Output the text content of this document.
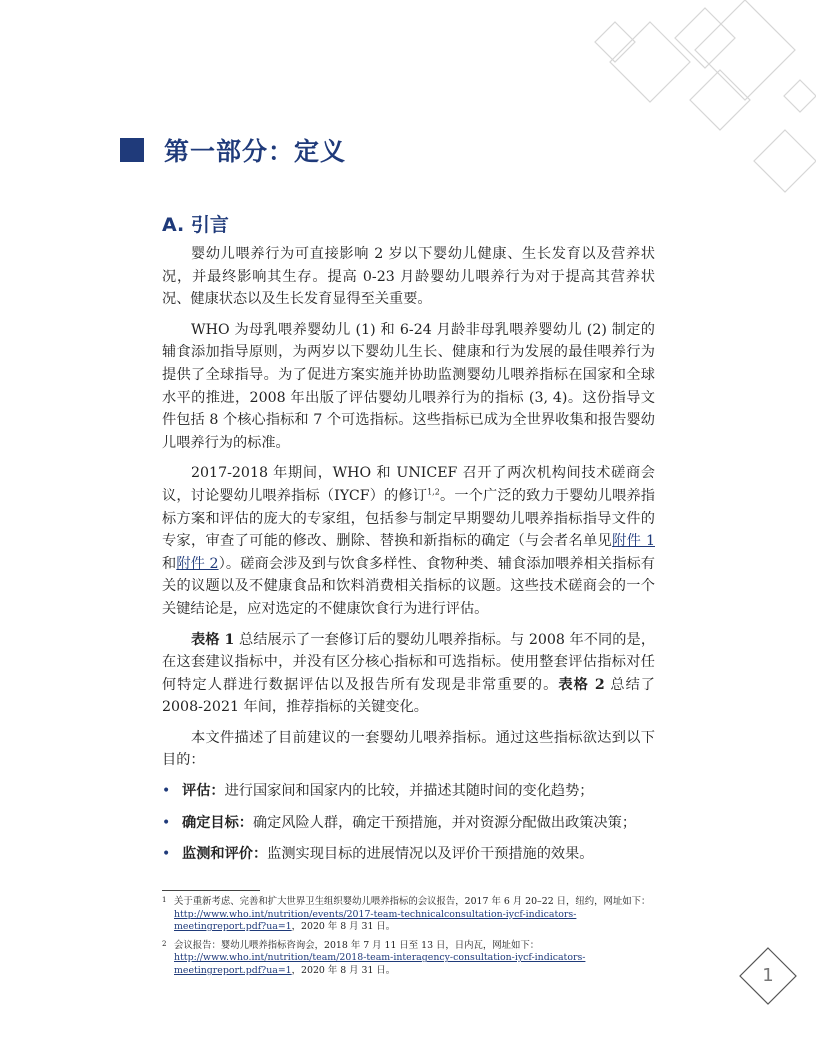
第一部分：定义
A. 引言

婴幼儿喂养行为可直接影响 2 岁以下婴幼儿健康、生长发育以及营养状况，并最终影响其生存。提高 0-23 月龄婴幼儿喂养行为对于提高其营养状况、健康状态以及生长发育显得至关重要。

WHO 为母乳喂养婴幼儿 (1) 和 6-24 月龄非母乳喂养婴幼儿 (2) 制定的辅食添加指导原则，为两岁以下婴幼儿生长、健康和行为发展的最佳喂养行为提供了全球指导。为了促进方案实施并协助监测婴幼儿喂养指标在国家和全球水平的推进，2008 年出版了评估婴幼儿喂养行为的指标 (3, 4)。这份指导文件包括 8 个核心指标和 7 个可选指标。这些指标已成为全世界收集和报告婴幼儿喂养行为的标准。

2017-2018 年期间，WHO 和 UNICEF 召开了两次机构间技术磋商会议，讨论婴幼儿喂养指标（IYCF）的修订$^{1,2}$。一个广泛的致力于婴幼儿喂养指标方案和评估的庞大的专家组，包括参与制定早期婴幼儿喂养指标指导文件的专家，审查了可能的修改、删除、替换和新指标的确定（与会者名单见附件 1 和附件 2）。磋商会涉及到与饮食多样性、食物种类、辅食添加喂养相关指标有关的议题以及不健康食品和饮料消费相关指标的议题。这些技术磋商会的一个关键结论是，应对选定的不健康饮食行为进行评估。

表格 1 总结展示了一套修订后的婴幼儿喂养指标。与 2008 年不同的是，在这套建议指标中，并没有区分核心指标和可选指标。使用整套评估指标对任何特定人群进行数据评估以及报告所有发现是非常重要的。表格 2 总结了 2008-2021 年间，推荐指标的关键变化。

本文件描述了目前建议的一套婴幼儿喂养指标。通过这些指标欲达到以下目的：

• 评估：进行国家间和国家内的比较，并描述其随时间的变化趋势；
• 确定目标：确定风险人群，确定干预措施，并对资源分配做出政策决策；
• 监测和评价：监测实现目标的进展情况以及评价干预措施的效果。
1 关于重新考虑、完善和扩大世界卫生组织婴幼儿喂养指标的会议报告，2017 年 6 月 20–22 日，纽约，网址如下：http://www.who.int/nutrition/events/2017-team-technicalconsultation-iycf-indicators-meetingreport.pdf?ua=1，2020 年 8 月 31 日。
2 会议报告：婴幼儿喂养指标咨询会，2018 年 7 月 11 日至 13 日，日内瓦，网址如下：http://www.who.int/nutrition/team/2018-team-interagency-consultation-iycf-indicators-meetingreport.pdf?ua=1，2020 年 8 月 31 日。	1
